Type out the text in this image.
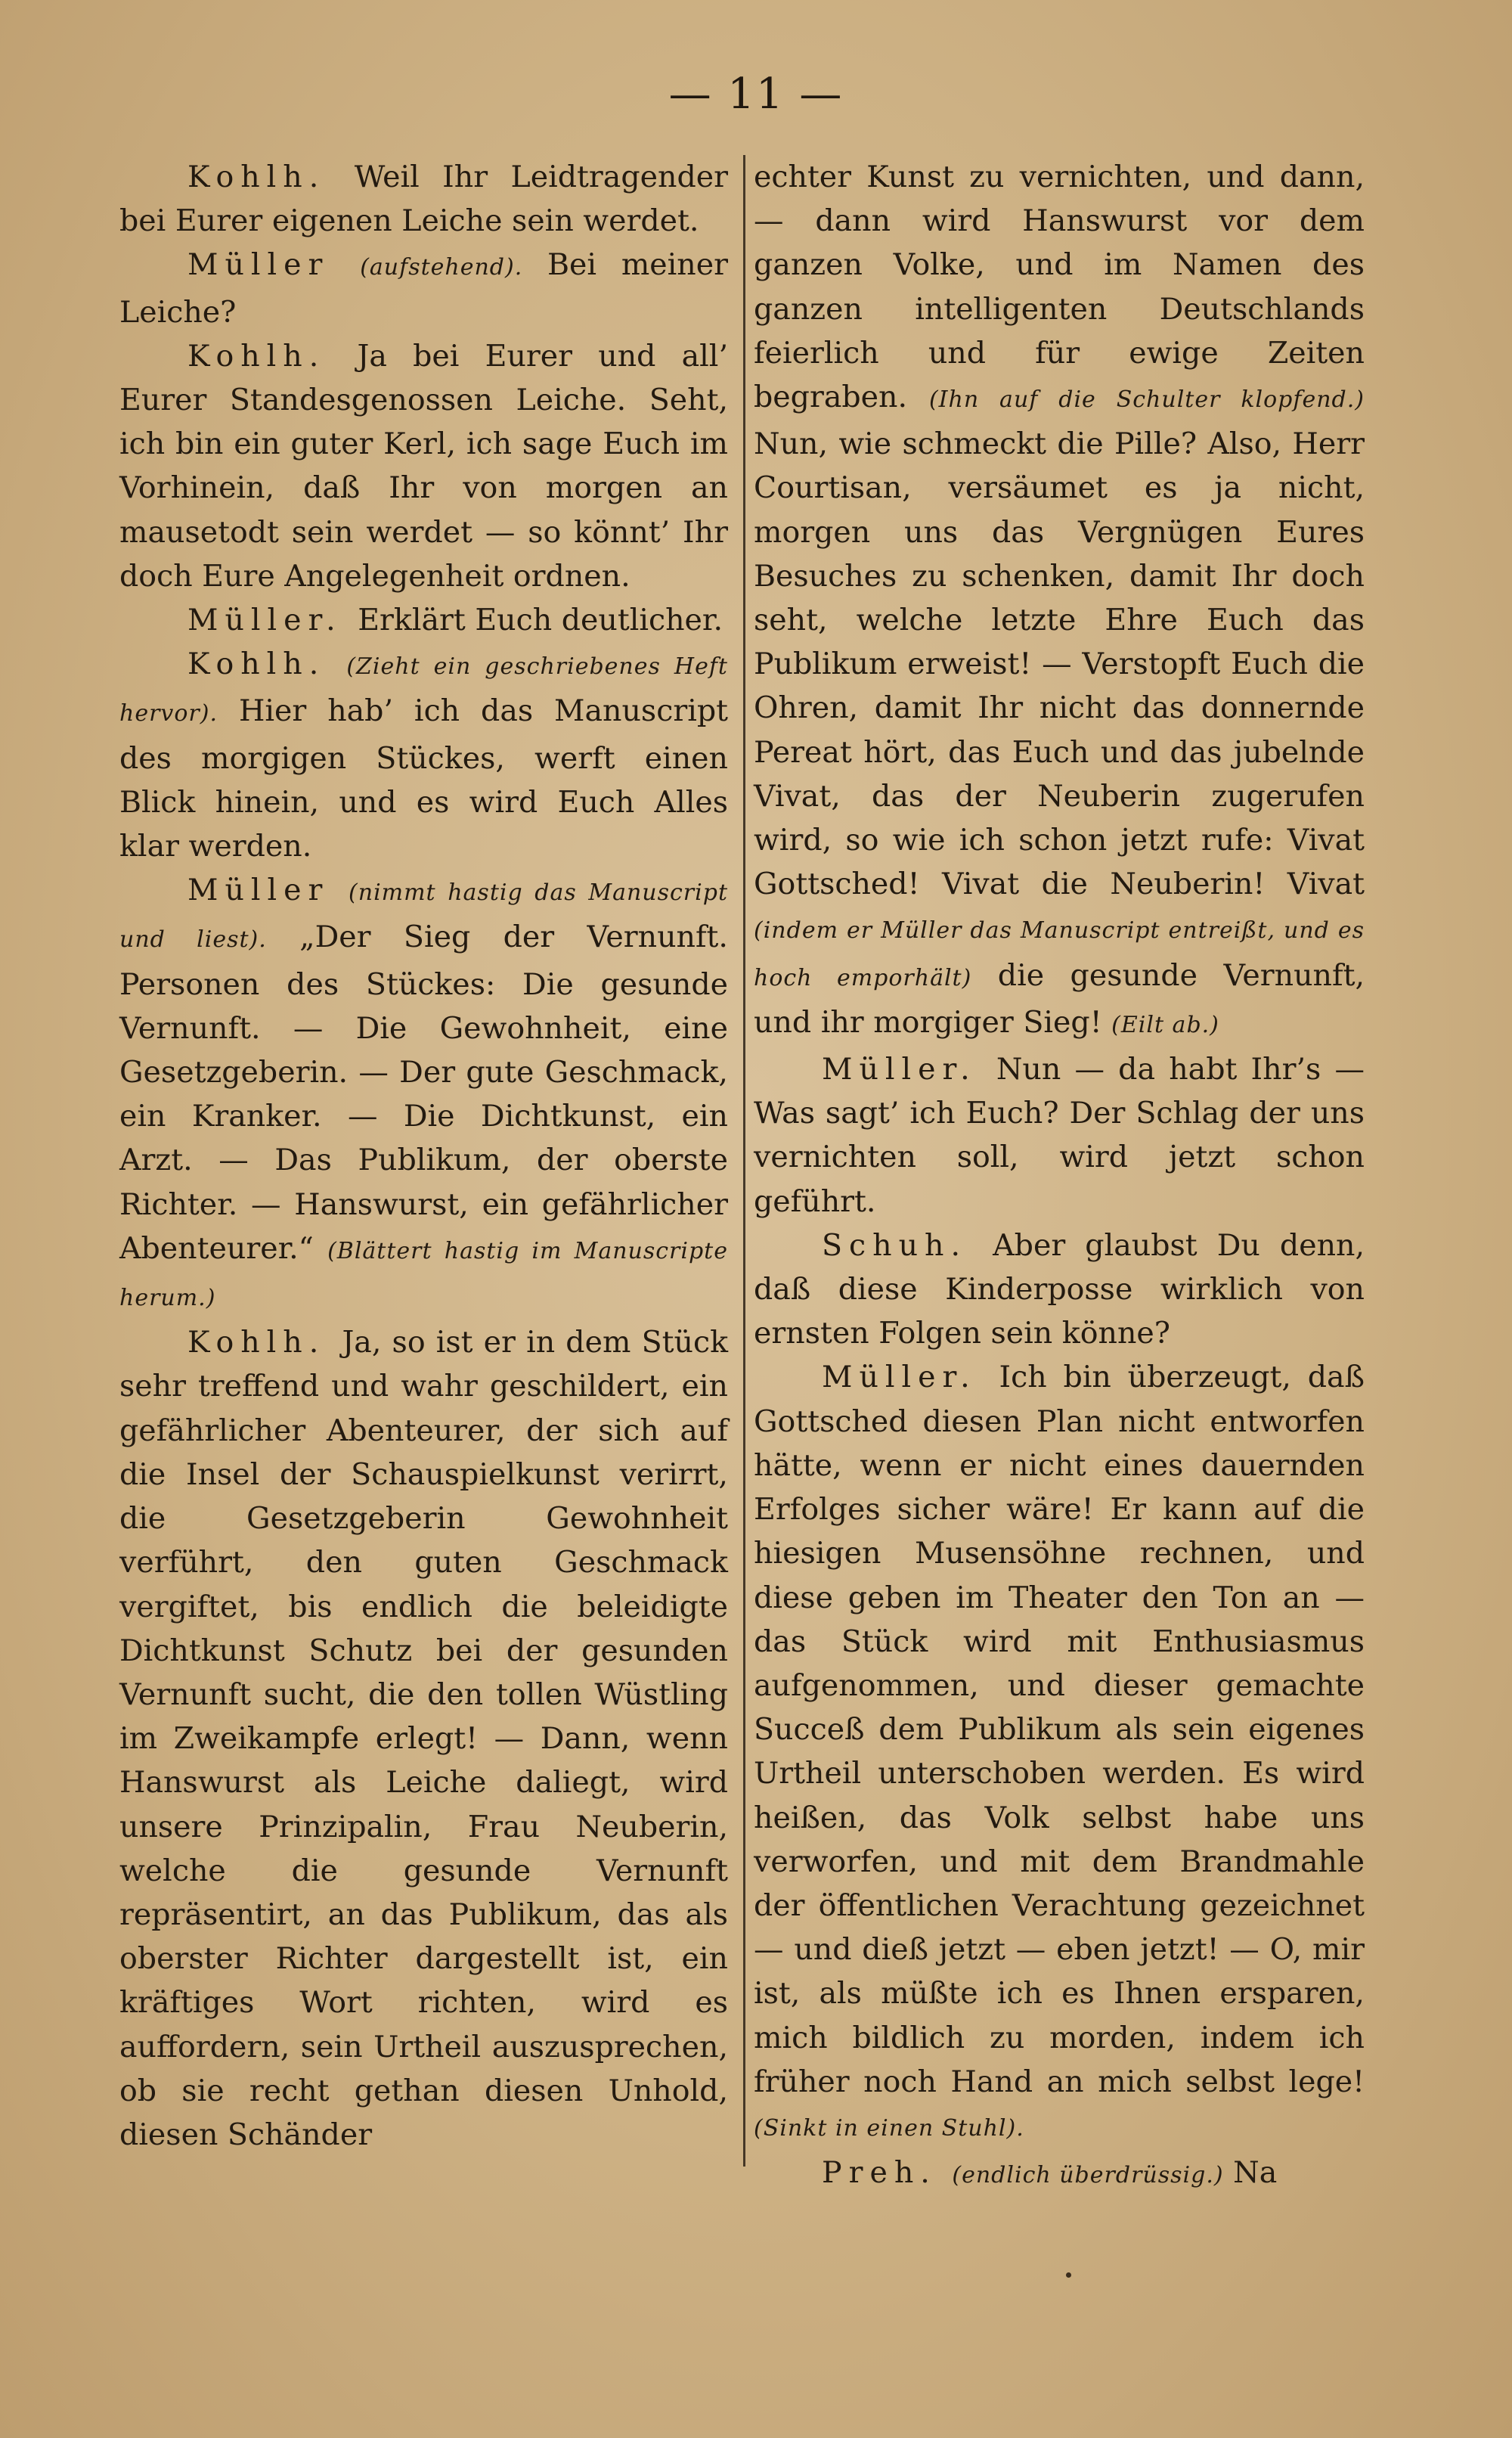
— 11 —

Kohlh. Weil Ihr Leidtragender bei Eurer eigenen Leiche sein werdet.

Müller (aufstehend). Bei meiner Leiche?

Kohlh. Ja bei Eurer und all’ Eurer Standesgenossen Leiche. Seht, ich bin ein guter Kerl, ich sage Euch im Vorhinein, daß Ihr von morgen an mausetodt sein werdet — so könnt’ Ihr doch Eure Angelegenheit ordnen.

Müller. Erklärt Euch deutlicher.

Kohlh. (Zieht ein geschriebenes Heft hervor). Hier hab’ ich das Manuscript des morgigen Stückes, werft einen Blick hinein, und es wird Euch Alles klar werden.

Müller (nimmt hastig das Manuscript und liest). „Der Sieg der Vernunft. Personen des Stückes: Die gesunde Vernunft. — Die Gewohnheit, eine Gesetzgeberin. — Der gute Geschmack, ein Kranker. — Die Dichtkunst, ein Arzt. — Das Publikum, der oberste Richter. — Hanswurst, ein gefährlicher Abenteurer.“ (Blättert hastig im Manuscripte herum.)

Kohlh. Ja, so ist er in dem Stück sehr treffend und wahr geschildert, ein gefährlicher Abenteurer, der sich auf die Insel der Schauspielkunst verirrt, die Gesetzgeberin Gewohnheit verführt, den guten Geschmack vergiftet, bis endlich die beleidigte Dichtkunst Schutz bei der gesunden Vernunft sucht, die den tollen Wüstling im Zweikampfe erlegt! — Dann, wenn Hanswurst als Leiche daliegt, wird unsere Prinzipalin, Frau Neuberin, welche die gesunde Vernunft repräsentirt, an das Publikum, das als oberster Richter dargestellt ist, ein kräftiges Wort richten, wird es auffordern, sein Urtheil auszusprechen, ob sie recht gethan diesen Unhold, diesen Schänder

echter Kunst zu vernichten, und dann, — dann wird Hanswurst vor dem ganzen Volke, und im Namen des ganzen intelligenten Deutschlands feierlich und für ewige Zeiten begraben. (Ihn auf die Schulter klopfend.) Nun, wie schmeckt die Pille? Also, Herr Courtisan, versäumet es ja nicht, morgen uns das Vergnügen Eures Besuches zu schenken, damit Ihr doch seht, welche letzte Ehre Euch das Publikum erweist! — Verstopft Euch die Ohren, damit Ihr nicht das donnernde Pereat hört, das Euch und das jubelnde Vivat, das der Neuberin zugerufen wird, so wie ich schon jetzt rufe: Vivat Gottsched! Vivat die Neuberin! Vivat (indem er Müller das Manuscript entreißt, und es hoch emporhält) die gesunde Vernunft, und ihr morgiger Sieg! (Eilt ab.)

Müller. Nun — da habt Ihr’s — Was sagt’ ich Euch? Der Schlag der uns vernichten soll, wird jetzt schon geführt.

Schuh. Aber glaubst Du denn, daß diese Kinderposse wirklich von ernsten Folgen sein könne?

Müller. Ich bin überzeugt, daß Gottsched diesen Plan nicht entworfen hätte, wenn er nicht eines dauernden Erfolges sicher wäre! Er kann auf die hiesigen Musensöhne rechnen, und diese geben im Theater den Ton an — das Stück wird mit Enthusiasmus aufgenommen, und dieser gemachte Succeß dem Publikum als sein eigenes Urtheil unterschoben werden. Es wird heißen, das Volk selbst habe uns verworfen, und mit dem Brandmahle der öffentlichen Verachtung gezeichnet — und dieß jetzt — eben jetzt! — O, mir ist, als müßte ich es Ihnen ersparen, mich bildlich zu morden, indem ich früher noch Hand an mich selbst lege! (Sinkt in einen Stuhl).

Preh. (endlich überdrüssig.) Na
